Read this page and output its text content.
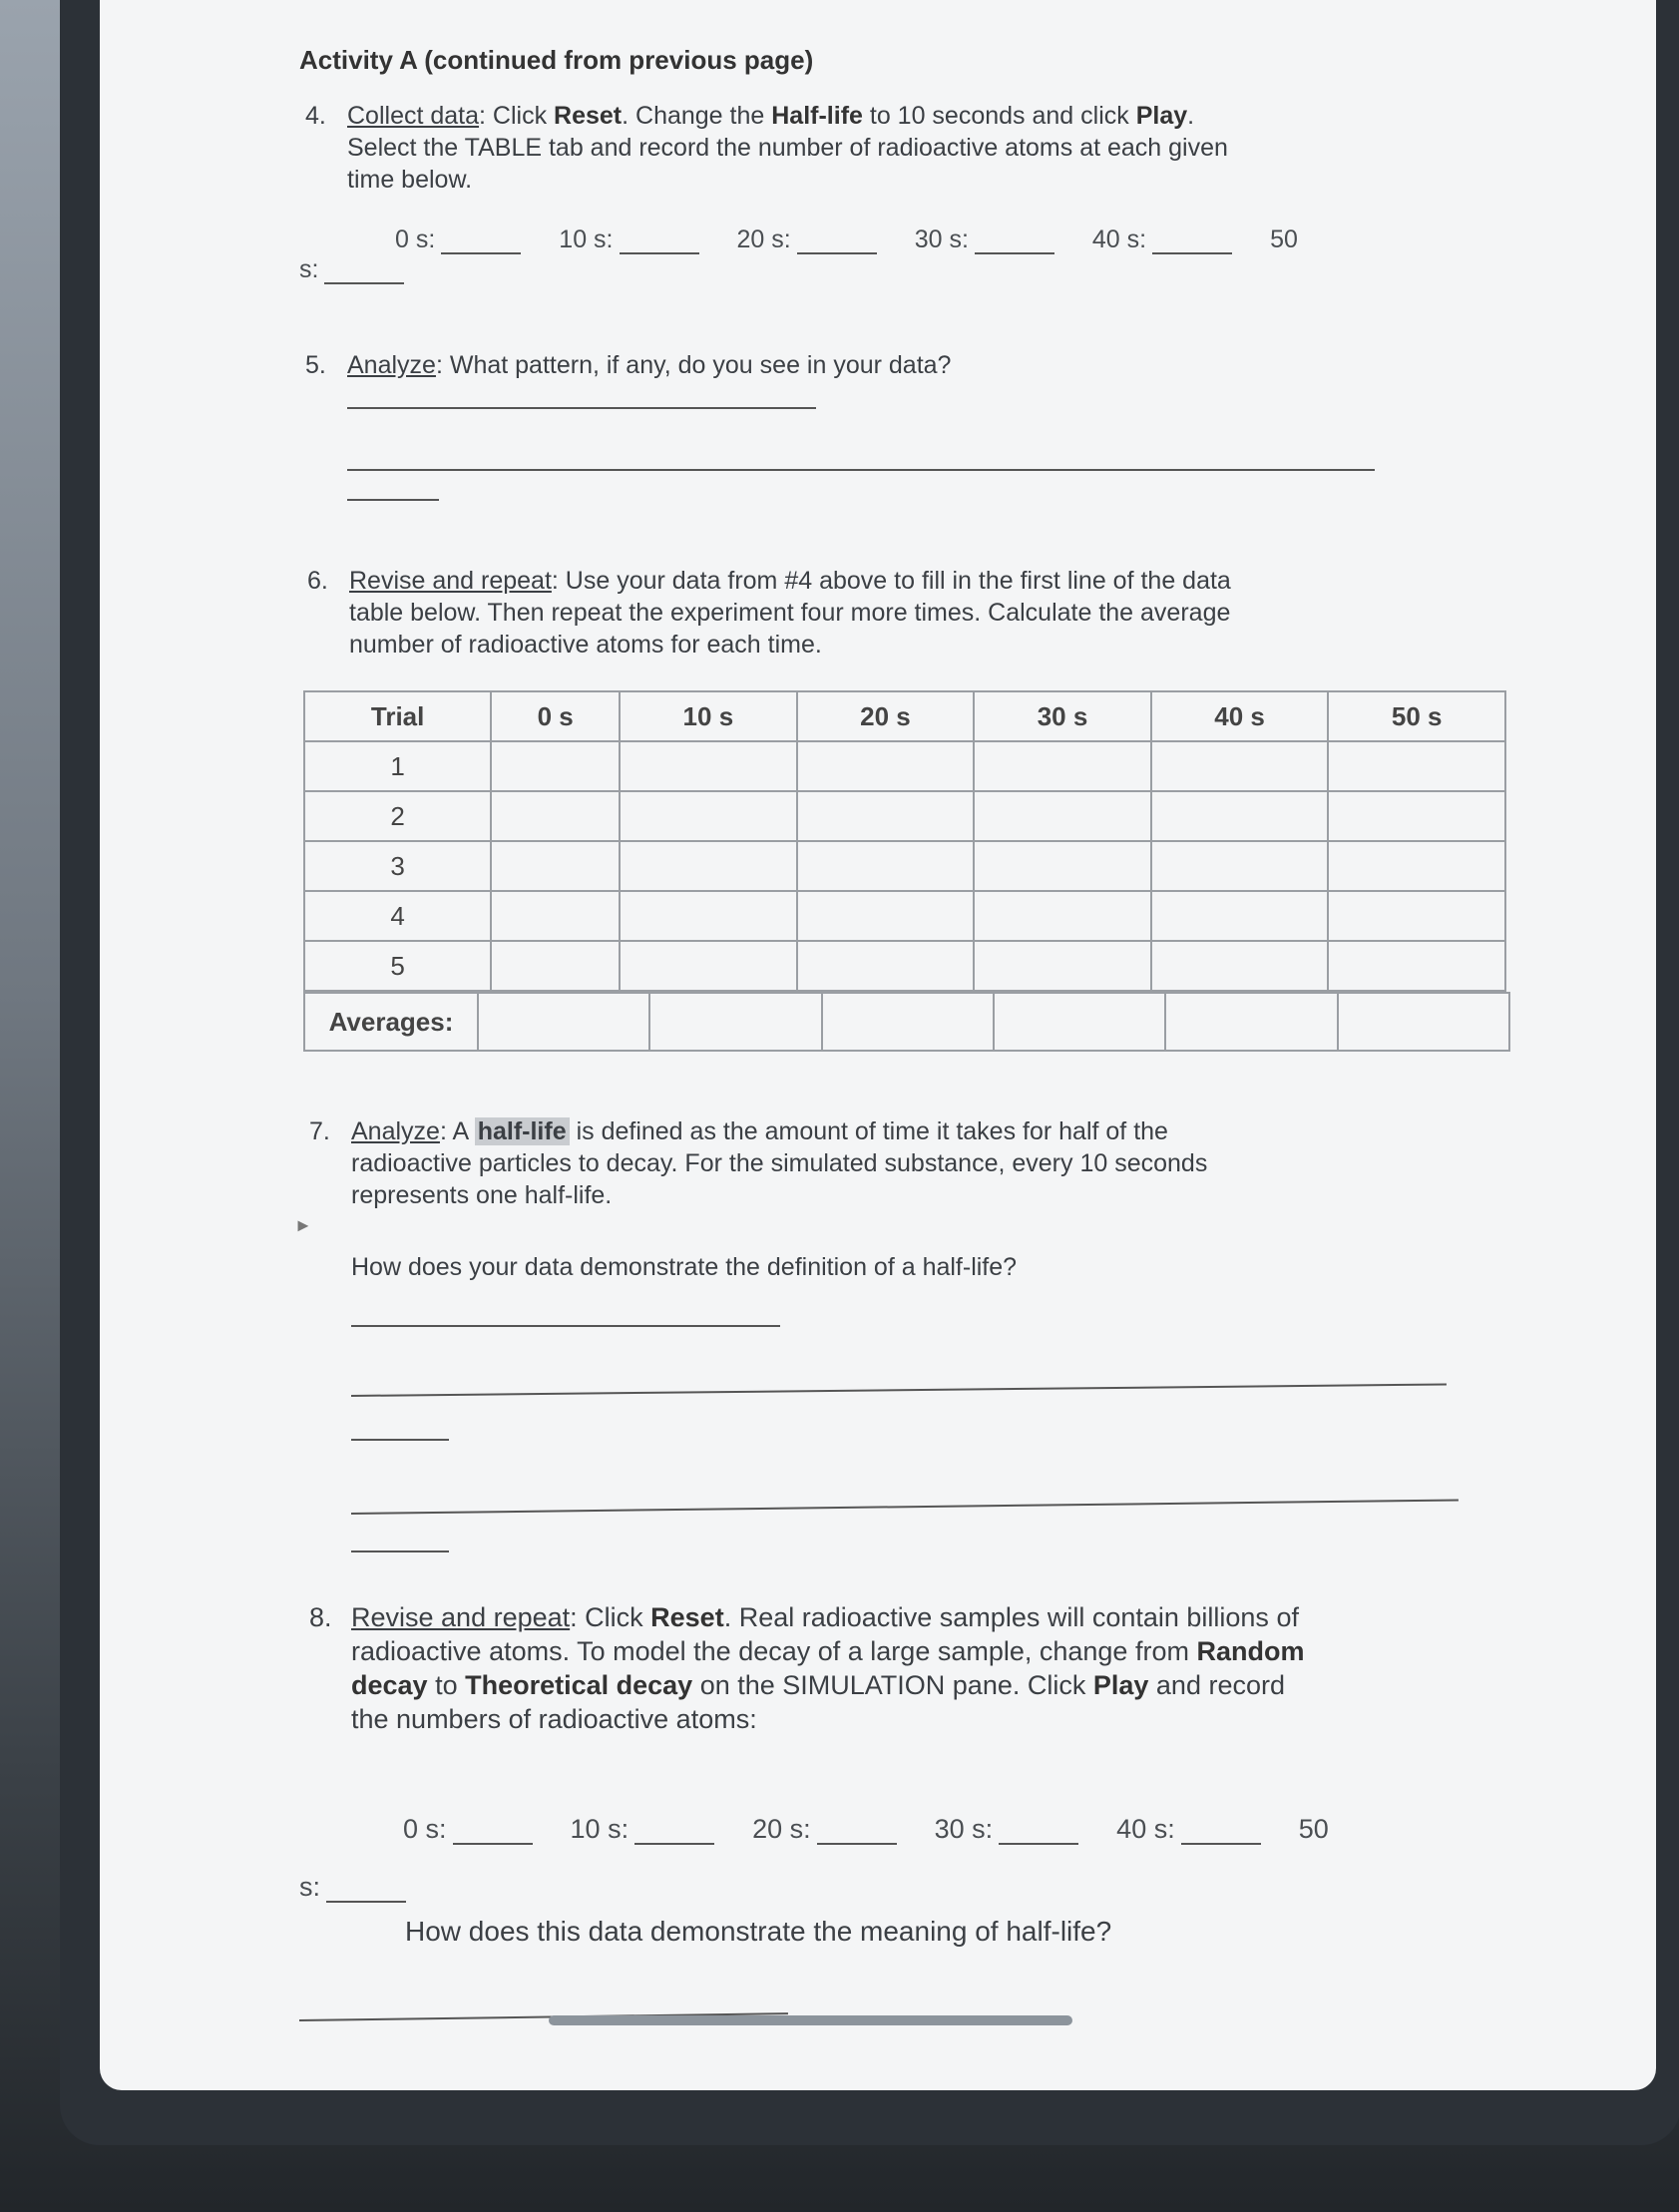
Activity A (continued from previous page)
4. Collect data: Click Reset. Change the Half-life to 10 seconds and click Play.
Select the TABLE tab and record the number of radioactive atoms at each given
time below.
0 s:	10 s:	20 s:	30 s:	40 s:	50
s:
5. Analyze: What pattern, if any, do you see in your data?
6. Revise and repeat: Use your data from #4 above to fill in the first line of the data
table below. Then repeat the experiment four more times. Calculate the average
number of radioactive atoms for each time.
Trial	0 s	10 s	20 s	30 s	40 s	50 s
1						
2						
3						
4						
5						
Averages:						
7. Analyze: A half-life is defined as the amount of time it takes for half of the
radioactive particles to decay. For the simulated substance, every 10 seconds
represents one half-life.
►
How does your data demonstrate the definition of a half-life?
8. Revise and repeat: Click Reset. Real radioactive samples will contain billions of
radioactive atoms. To model the decay of a large sample, change from Random
decay to Theoretical decay on the SIMULATION pane. Click Play and record
the numbers of radioactive atoms:
0 s:	10 s:	20 s:	30 s:	40 s:	50
s:
How does this data demonstrate the meaning of half-life?
